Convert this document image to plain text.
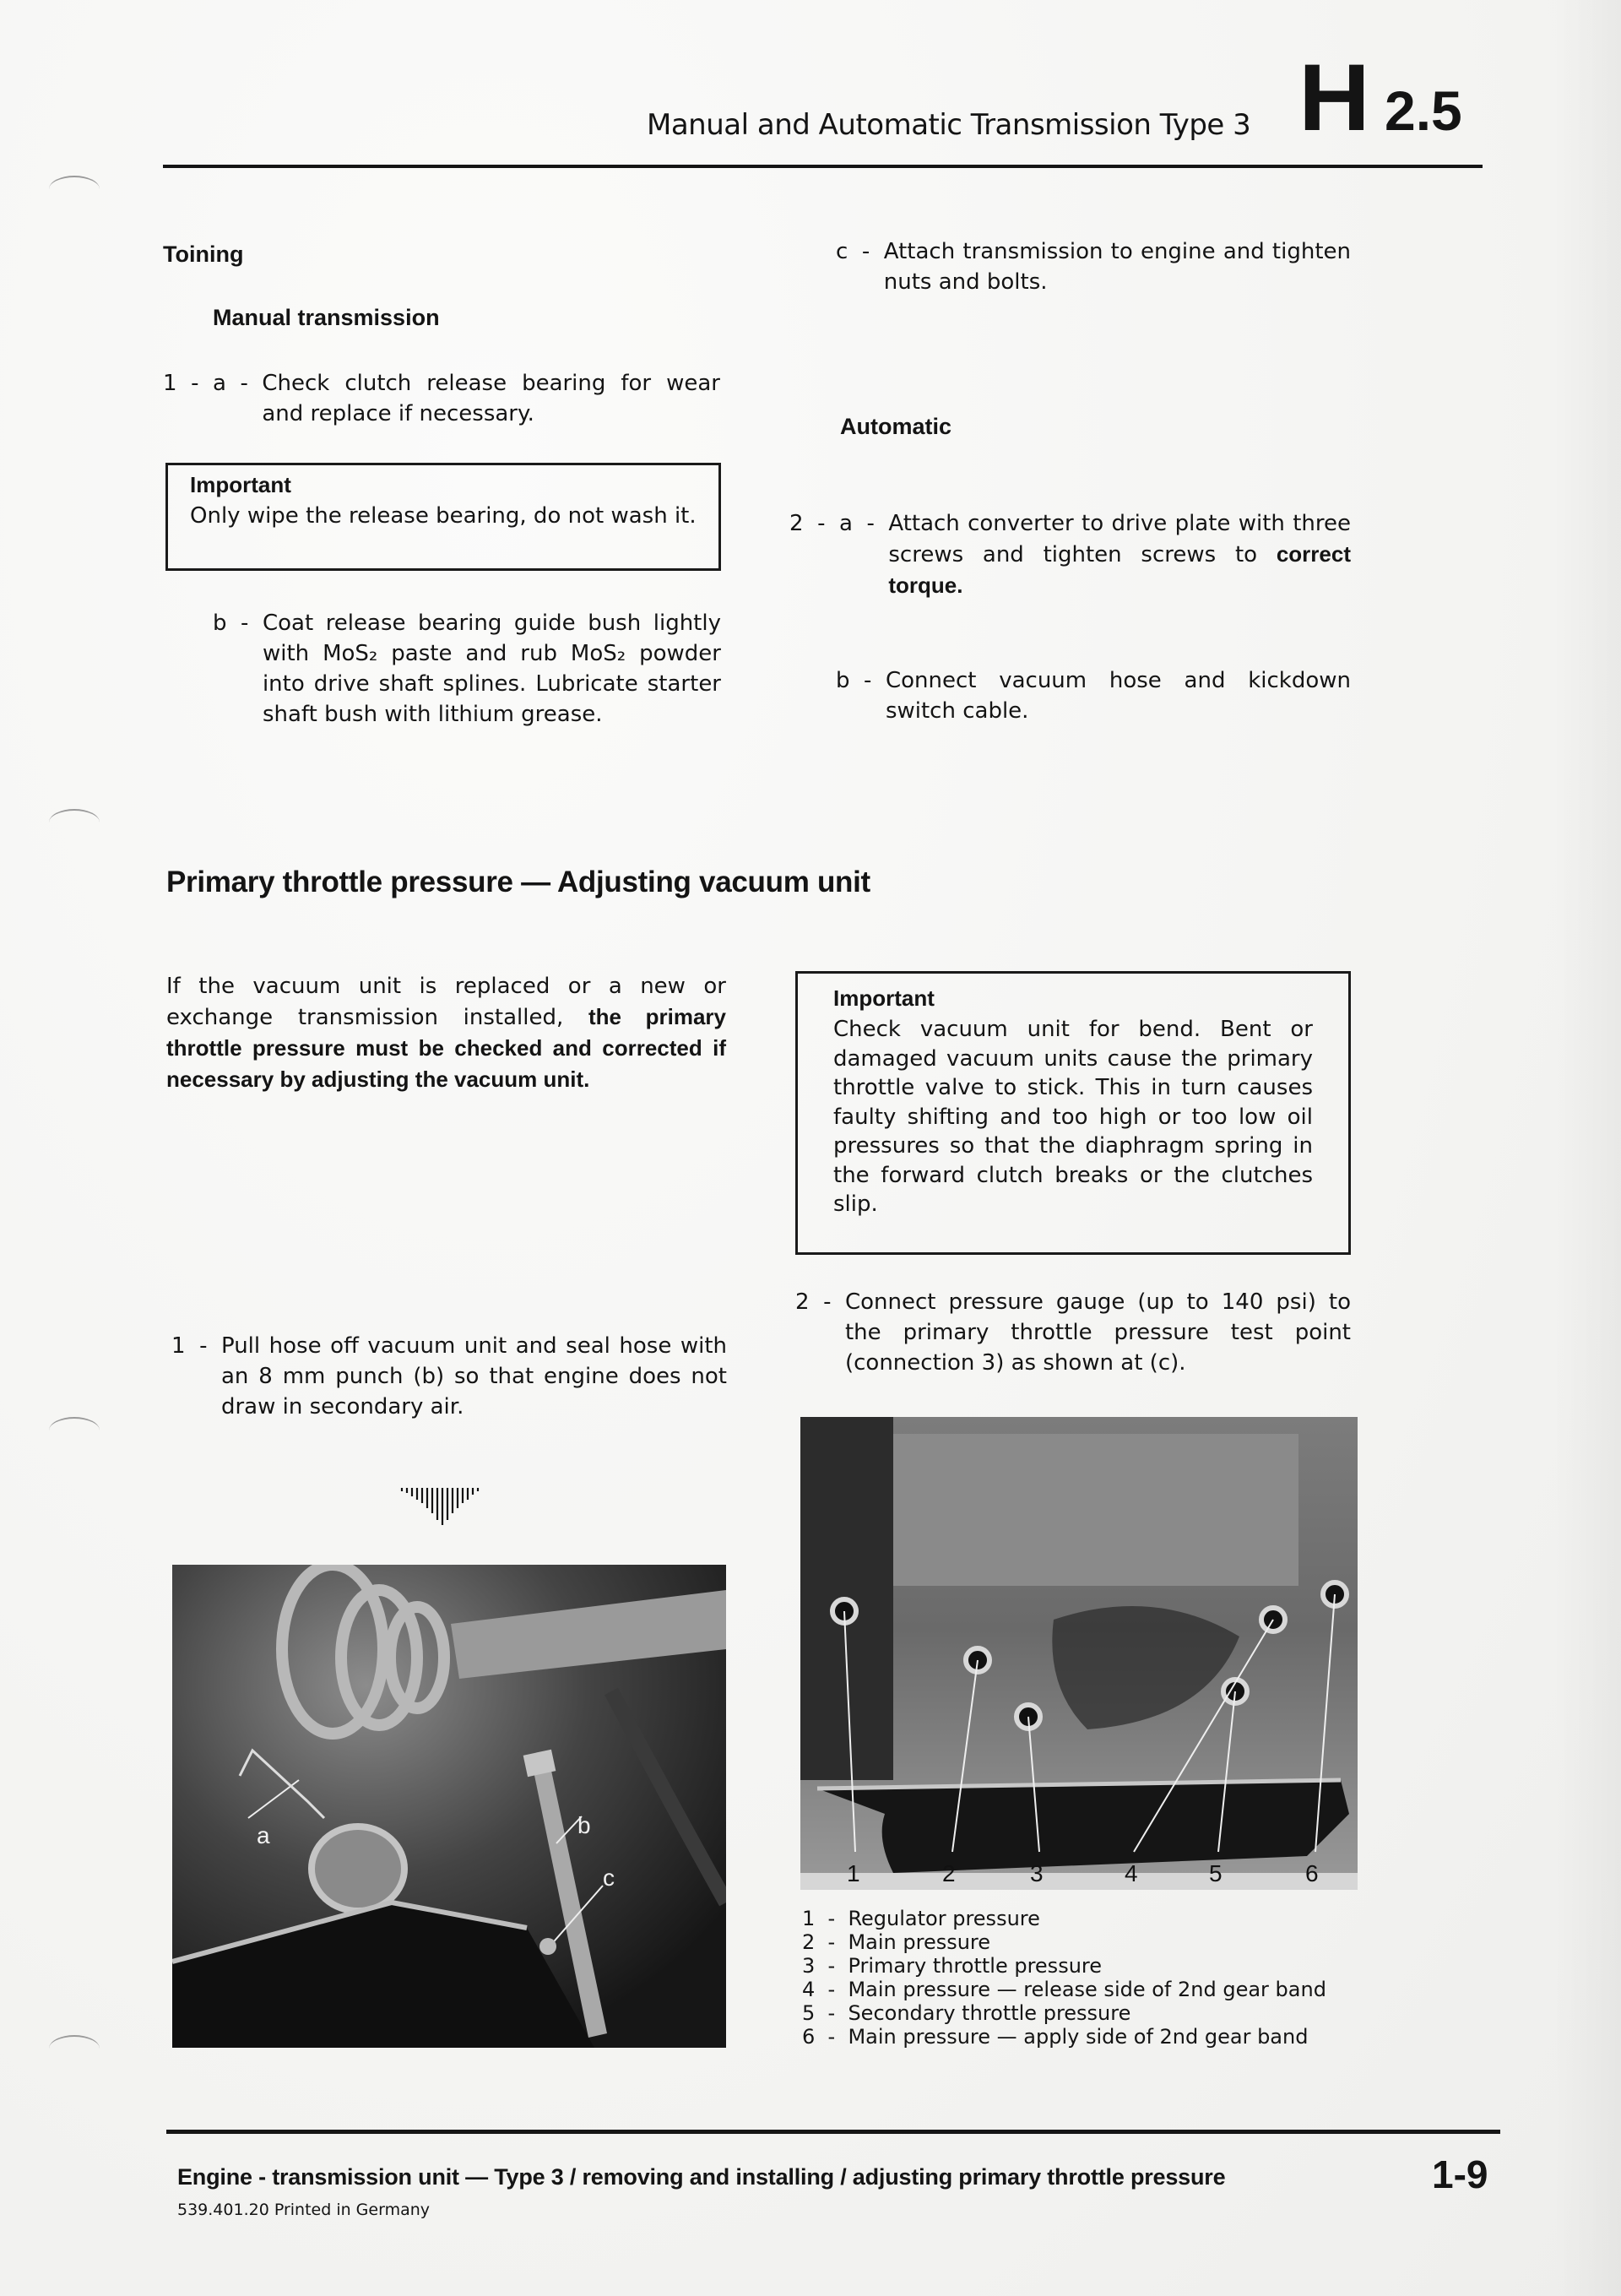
Manual and Automatic Transmission Type 3 H 2.5
Toining
Manual transmission
1  -  a  - Check clutch release bearing for wear and replace if necessary.
Important
Only wipe the release bearing, do not wash it.
b  - Coat release bearing guide bush lightly with MoS₂ paste and rub MoS₂ powder into drive shaft splines. Lubricate starter shaft bush with lithium grease.
c  - Attach transmission to engine and tighten nuts and bolts.
Automatic
2  -  a  - Attach converter to drive plate with three screws and tighten screws to correct torque.
b  - Connect vacuum hose and kickdown switch cable.
Primary throttle pressure — Adjusting vacuum unit
If the vacuum unit is replaced or a new or exchange transmission installed, the primary throttle pressure must be checked and corrected if necessary by adjusting the vacuum unit.
Important
Check vacuum unit for bend. Bent or damaged vacuum units cause the primary throttle valve to stick. This in turn causes faulty shifting and too high or too low oil pressures so that the diaphragm spring in the forward clutch breaks or the clutches slip.
1  - Pull hose off vacuum unit and seal hose with an 8 mm punch (b) so that engine does not draw in secondary air.
2  - Connect pressure gauge (up to 140 psi) to the primary throttle pressure test point (connection 3) as shown at (c).
a	b
c	1	2	3	4	5	6
1  -  Regulator pressure
2  -  Main pressure
3  -  Primary throttle pressure
4  -  Main pressure — release side of 2nd gear band
5  -  Secondary throttle pressure
6  -  Main pressure — apply side of 2nd gear band
Engine - transmission unit — Type 3 / removing and installing / adjusting primary throttle pressure
539.401.20 Printed in Germany
1-9
